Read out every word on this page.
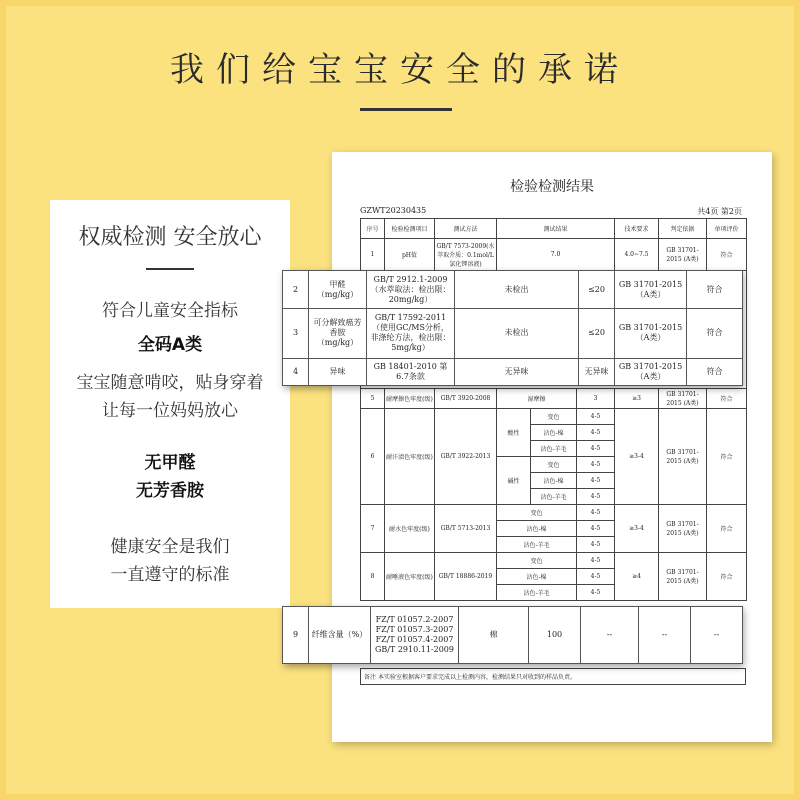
我们给宝宝安全的承诺
权威检测 安全放心
符合儿童安全指标
全码A类
宝宝随意啃咬，贴身穿着
让每一位妈妈放心
无甲醛
无芳香胺
健康安全是我们
一直遵守的标准
检验检测结果
GZWT20230435	共4页 第2页
序号	检验检测项目	测试方法	测试结果			技术要求	判定依据	单项评价
1	pH值	GB/T 7573-2009(水萃取介质：0.1mol/L氯化钾溶液)	7.0			4.0~7.5	GB 31701-2015 (A类)	符合

5	耐摩擦色牢度(级)	GB/T 3920-2008	湿摩擦		3	≥3	GB 31701-2015 (A类)	符合
6	耐汗渍色牢度(级)	GB/T 3922-2013	酸性	变色	4-5	≥3-4	GB 31701-2015 (A类)	符合
				沾色-棉	4-5			
				沾色-羊毛	4-5			
			碱性	变色	4-5			
				沾色-棉	4-5			
				沾色-羊毛	4-5			
7	耐水色牢度(级)	GB/T 5713-2013	变色		4-5	≥3-4	GB 31701-2015 (A类)	符合
			沾色-棉		4-5			
			沾色-羊毛		4-5			
8	耐唾液色牢度(级)	GB/T 18886-2019	变色		4-5	≥4	GB 31701-2015 (A类)	符合
			沾色-棉		4-5			
			沾色-羊毛		4-5			
备注 本实验室根据客户要求完成以上检测内容，检测结果只对收到的样品负责。
2	甲醛（mg/kg）	GB/T 2912.1-2009（水萃取法：检出限：20mg/kg）	未检出	≤20	GB 31701-2015（A类）	符合
3	可分解致癌芳香胺（mg/kg）	GB/T 17592-2011（使用GC/MS分析，非涤纶方法，检出限：5mg/kg）	未检出	≤20	GB 31701-2015（A类）	符合
4	异味	GB 18401-2010 第6.7条款	无异味	无异味	GB 31701-2015（A类）	符合
9	纤维含量（%）	FZ/T 01057.2-2007 FZ/T 01057.3-2007 FZ/T 01057.4-2007 GB/T 2910.11-2009	棉	100	--	--	--
